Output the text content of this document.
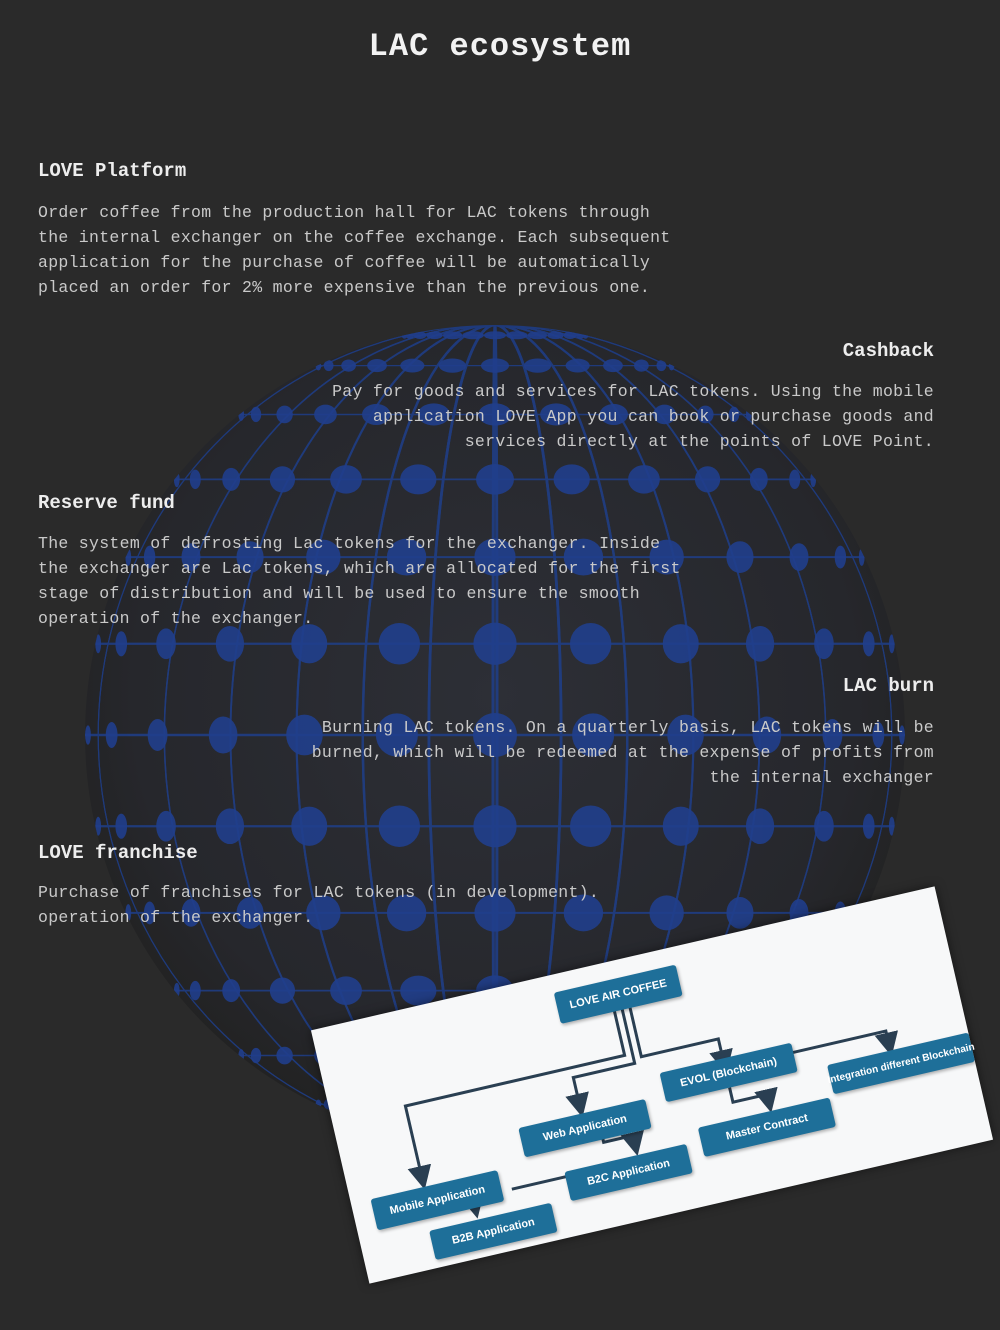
LAC ecosystem
LOVE Platform
Order coffee from the production hall for LAC tokens through
the internal exchanger on the coffee exchange. Each subsequent
application for the purchase of coffee will be automatically
placed an order for 2% more expensive than the previous one.
Cashback
Pay for goods and services for LAC tokens. Using the mobile
application LOVE App you can book or purchase goods and
services directly at the points of LOVE Point.
Reserve fund
The system of defrosting Lac tokens for the exchanger. Inside
the exchanger are Lac tokens, which are allocated for the first
stage of distribution and will be used to ensure the smooth
operation of the exchanger.
LAC burn
Burning LAC tokens. On a quarterly basis, LAC tokens will be
burned, which will be redeemed at the expense of profits from
the internal exchanger
LOVE franchise
Purchase of franchises for LAC tokens (in development).
operation of the exchanger.
LOVE AIR COFFEE
Mobile Application
Web Application
EVOL (Blockchain)	Integration different Blockchain
Master Contract
B2B Application
B2C Application
